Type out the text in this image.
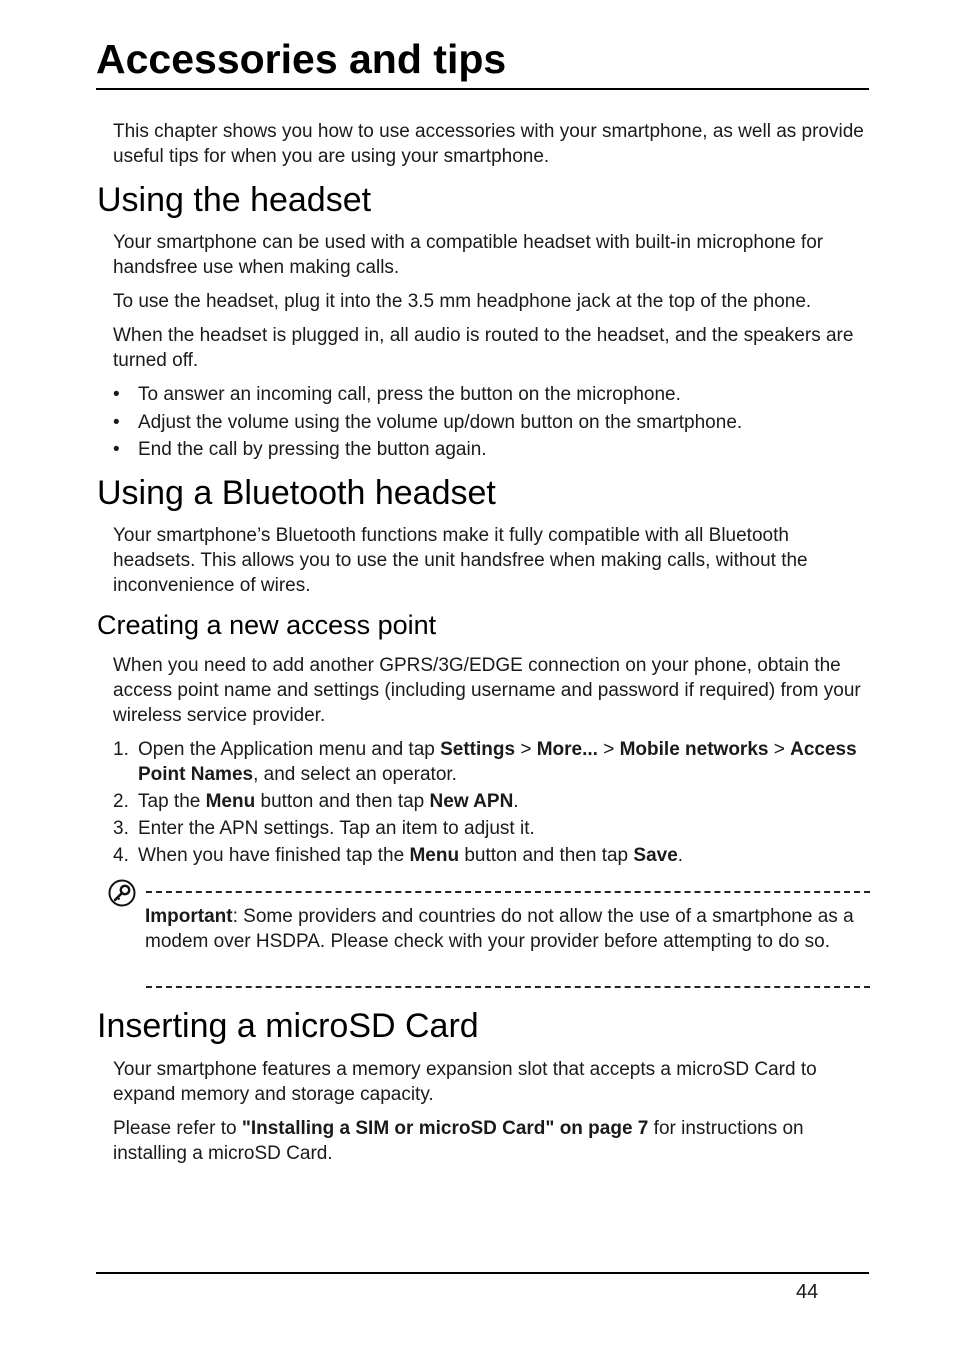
Accessories and tips

This chapter shows you how to use accessories with your smartphone, as well as provide useful tips for when you are using your smartphone.

Using the headset

Your smartphone can be used with a compatible headset with built-in microphone for handsfree use when making calls.

To use the headset, plug it into the 3.5 mm headphone jack at the top of the phone.

When the headset is plugged in, all audio is routed to the headset, and the speakers are turned off.

• To answer an incoming call, press the button on the microphone.
• Adjust the volume using the volume up/down button on the smartphone.
• End the call by pressing the button again.
Using a Bluetooth headset

Your smartphone’s Bluetooth functions make it fully compatible with all Bluetooth headsets. This allows you to use the unit handsfree when making calls, without the inconvenience of wires.

Creating a new access point

When you need to add another GPRS/3G/EDGE connection on your phone, obtain the access point name and settings (including username and password if required) from your wireless service provider.

1. Open the Application menu and tap Settings > More... > Mobile networks > Access Point Names, and select an operator.
2. Tap the Menu button and then tap New APN.
3. Enter the APN settings. Tap an item to adjust it.
4. When you have finished tap the Menu button and then tap Save.

Important: Some providers and countries do not allow the use of a smartphone as a modem over HSDPA. Please check with your provider before attempting to do so.

Inserting a microSD Card

Your smartphone features a memory expansion slot that accepts a microSD Card to expand memory and storage capacity.

Please refer to "Installing a SIM or microSD Card" on page 7 for instructions on installing a microSD Card.

44
